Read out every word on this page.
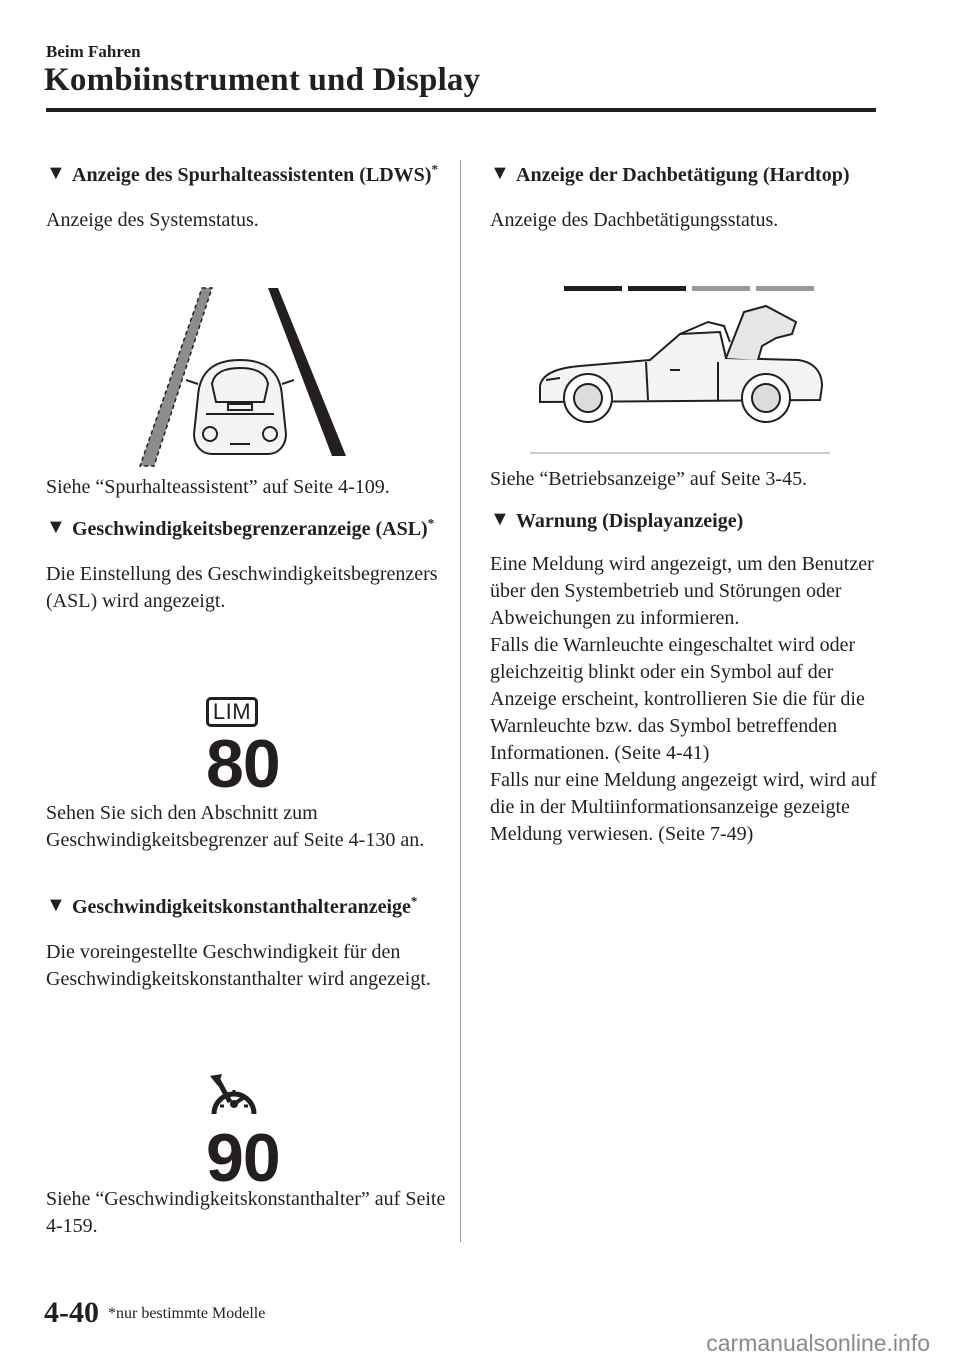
Beim Fahren
Kombiinstrument und Display
▼ Anzeige des Spurhalteassistenten (LDWS)*

Anzeige des Systemstatus.

Siehe “Spurhalteassistent” auf Seite 4-109.
▼ Geschwindigkeitsbegrenzeranzeige (ASL)*

Die Einstellung des Geschwindigkeitsbegrenzers (ASL) wird angezeigt.

LIM
80
Sehen Sie sich den Abschnitt zum Geschwindigkeitsbegrenzer auf Seite 4-130 an.
▼ Geschwindigkeitskonstanthalteranzeige*

Die voreingestellte Geschwindigkeit für den Geschwindigkeitskonstanthalter wird angezeigt.

90
Siehe “Geschwindigkeitskonstanthalter” auf Seite 4-159.
▼ Anzeige der Dachbetätigung (Hardtop)

Anzeige des Dachbetätigungsstatus.

Siehe “Betriebsanzeige” auf Seite 3-45.
▼ Warnung (Displayanzeige)

Eine Meldung wird angezeigt, um den Benutzer über den Systembetrieb und Störungen oder Abweichungen zu informieren.

Falls die Warnleuchte eingeschaltet wird oder gleichzeitig blinkt oder ein Symbol auf der Anzeige erscheint, kontrollieren Sie die für die Warnleuchte bzw. das Symbol betreffenden Informationen. (Seite 4-41)

Falls nur eine Meldung angezeigt wird, wird auf die in der Multiinformationsanzeige gezeigte Meldung verwiesen. (Seite 7-49)

4-40 *nur bestimmte Modelle
carmanualsonline.info
